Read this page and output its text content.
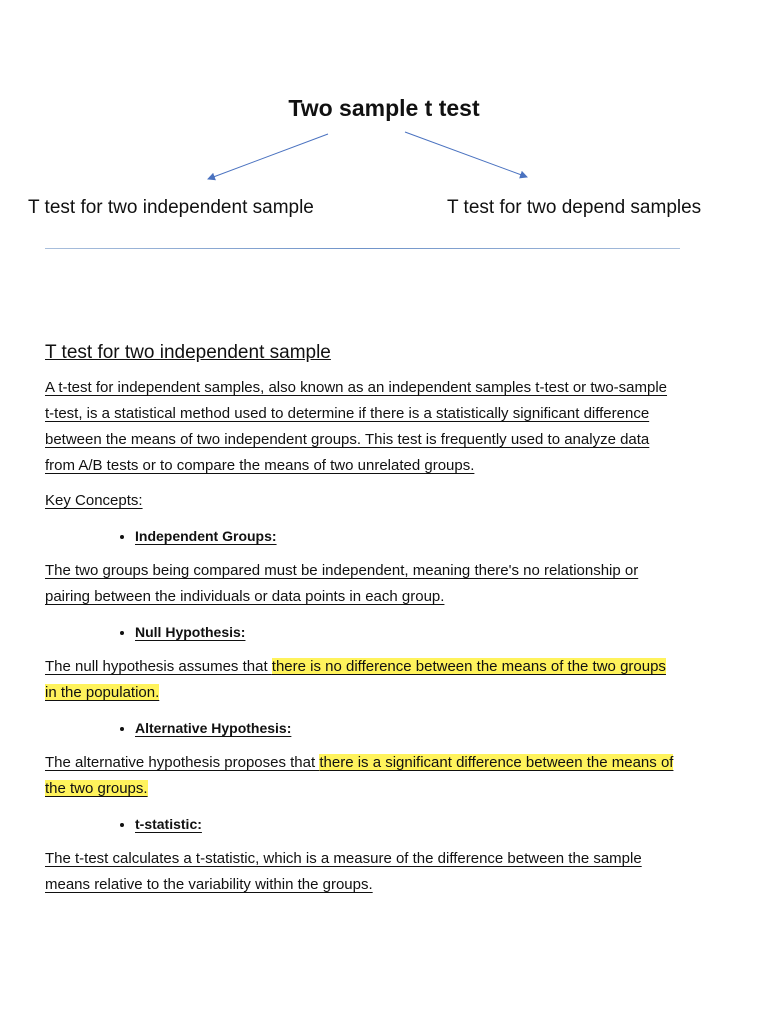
Two sample t test

T test for two independent sample	T test for two depend samples

T test for two independent sample

A t-test for independent samples, also known as an independent samples t-test or two-sample t-test, is a statistical method used to determine if there is a statistically significant difference between the means of two independent groups. This test is frequently used to analyze data from A/B tests or to compare the means of two unrelated groups.

Key Concepts:

• Independent Groups:

The two groups being compared must be independent, meaning there's no relationship or pairing between the individuals or data points in each group.

• Null Hypothesis:

The null hypothesis assumes that there is no difference between the means of the two groups in the population.

• Alternative Hypothesis:

The alternative hypothesis proposes that there is a significant difference between the means of the two groups.

• t-statistic:

The t-test calculates a t-statistic, which is a measure of the difference between the sample means relative to the variability within the groups.
